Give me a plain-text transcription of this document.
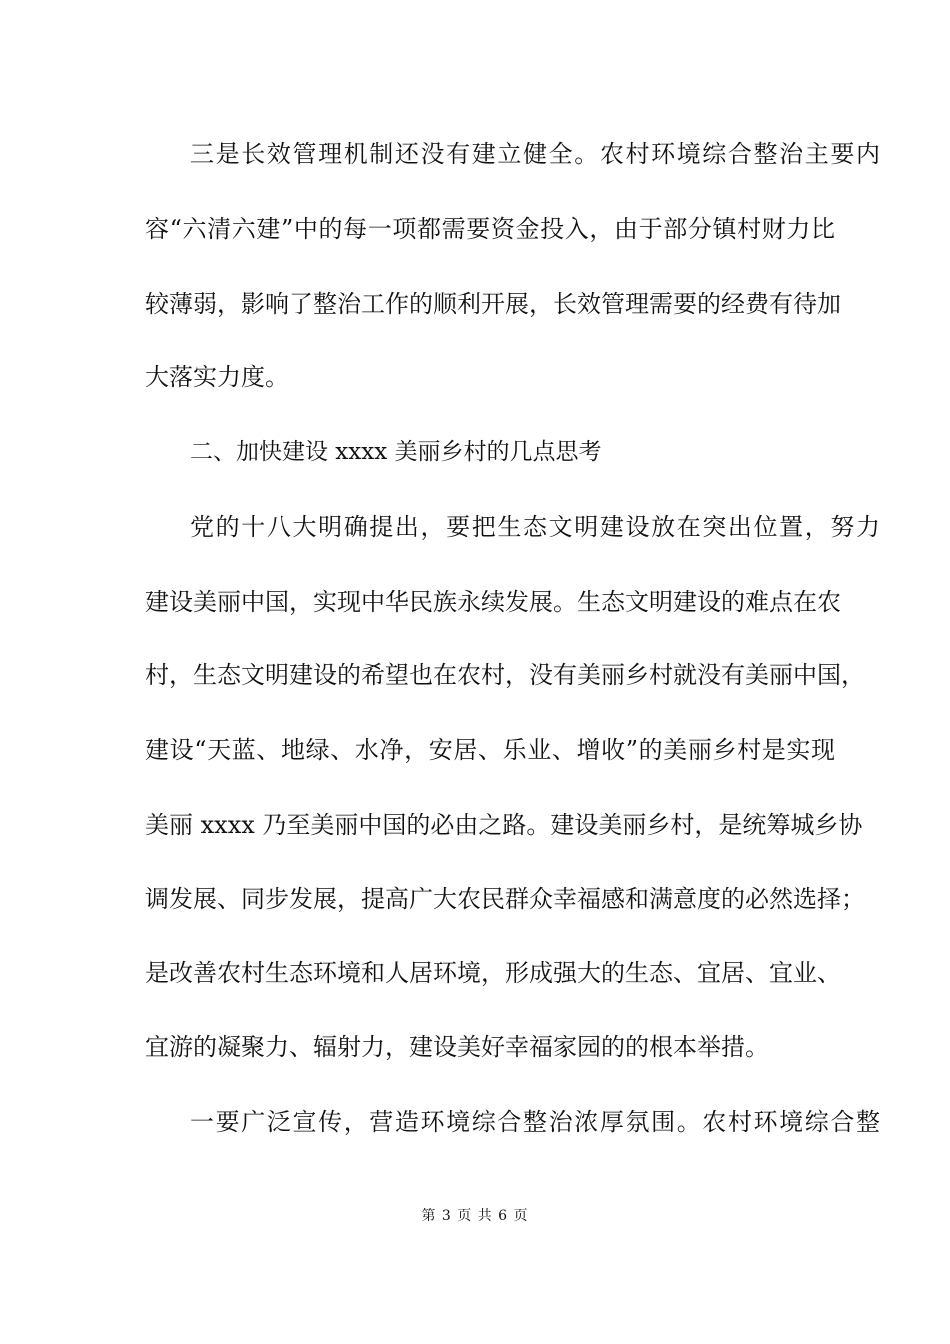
三是长效管理机制还没有建立健全。农村环境综合整治主要内
容“六清六建”中的每一项都需要资金投入，由于部分镇村财力比
较薄弱，影响了整治工作的顺利开展，长效管理需要的经费有待加
大落实力度。
二、加快建设 xxxx 美丽乡村的几点思考
党的十八大明确提出，要把生态文明建设放在突出位置，努力
建设美丽中国，实现中华民族永续发展。生态文明建设的难点在农
村，生态文明建设的希望也在农村，没有美丽乡村就没有美丽中国，
建设“天蓝、地绿、水净，安居、乐业、增收”的美丽乡村是实现
美丽 xxxx 乃至美丽中国的必由之路。建设美丽乡村，是统筹城乡协
调发展、同步发展，提高广大农民群众幸福感和满意度的必然选择；
是改善农村生态环境和人居环境，形成强大的生态、宜居、宜业、
宜游的凝聚力、辐射力，建设美好幸福家园的的根本举措。
一要广泛宣传，营造环境综合整治浓厚氛围。农村环境综合整
第 3 页 共 6 页
